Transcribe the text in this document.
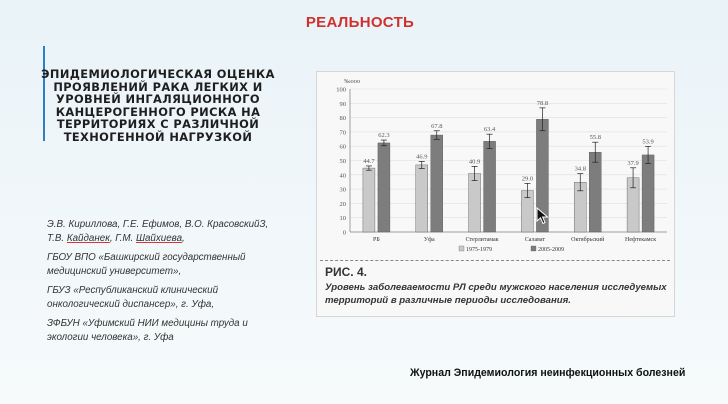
РЕАЛЬНОСТЬ
ЭПИДЕМИОЛОГИЧЕСКАЯ ОЦЕНКА ПРОЯВЛЕНИЙ РАКА ЛЕГКИХ И УРОВНЕЙ ИНГАЛЯЦИОННОГО КАНЦЕРОГЕННОГО РИСКА НА ТЕРРИТОРИЯХ С РАЗЛИЧНОЙ ТЕХНОГЕННОЙ НАГРУЗКОЙ

Э.В. Кириллова, Г.Е. Ефимов, В.О. КрасовскийЗ, Т.В. Кайданек, Г.М. Шайхиева,

ГБОУ ВПО «Башкирский государственный медицинский университет»,

ГБУЗ «Республиканский клинический онкологический диспансер», г. Уфа,

ЗФБУН «Уфимский НИИ медицины труда и экологии человека», г. Уфа

0
10
20
30
40
50
60
70
80
90
100
‰ооо
44.7
62.3
РБ
46.9
67.8
Уфа
40.9
63.4
Стерлитамак
29.0
78.8
Салават
34.8
55.8
Октябрьский
37.9
53.9
Нефтекамск
1975-1979	2005-2009
РИС. 4.
Уровень заболеваемости РЛ среди мужского населения исследуемых территорий в различные периоды исследования.
Журнал Эпидемиология неинфекционных болезней
